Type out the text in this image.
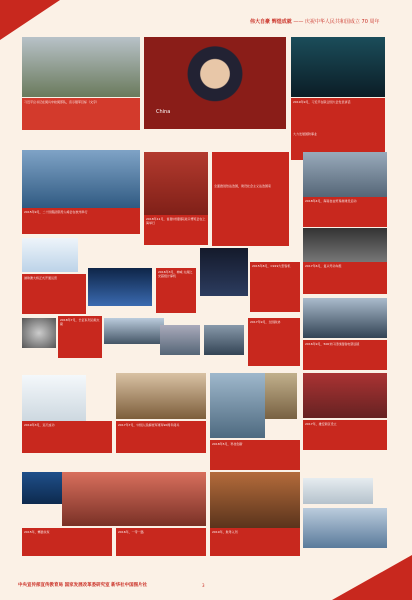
伟大自豪 辉煌成就 —— 庆祝中华人民共和国成立 70 周年
China
习近平总书记在阅兵中检阅部队，宣示强军目标（文字）	2019年9月，习近平在联合国大会发表讲话
大力发展国防事业
2015年9月，二十国集团领导人峰会在杭州举行
2018年11月，首届中国国际进口博览会在上海举行
全面推进依法治国，建设社会主义法治国家
2018年4月，海南自由贸易港建设启动
2016年3月，神威·太湖之光超级计算机
2015年8月，C919大型客机	2017年6月，复兴号动车组
港珠澳大桥正式开通运营
2018年7月，长征系列运载火箭
2017年9月，全国政协
2016年9月，500米口径球面射电望远镜
2019年3月，巡天成功	2017年7月，中国人民解放军建军90周年阅兵
2018年5月，科技创新
2017年，雄安新区设立
2015年，精准扶贫	2016年，一带一路	2019年，航母入列
中央宣传部宣传教育局 国家发展改革委研究室 新华社中国图片社	3
